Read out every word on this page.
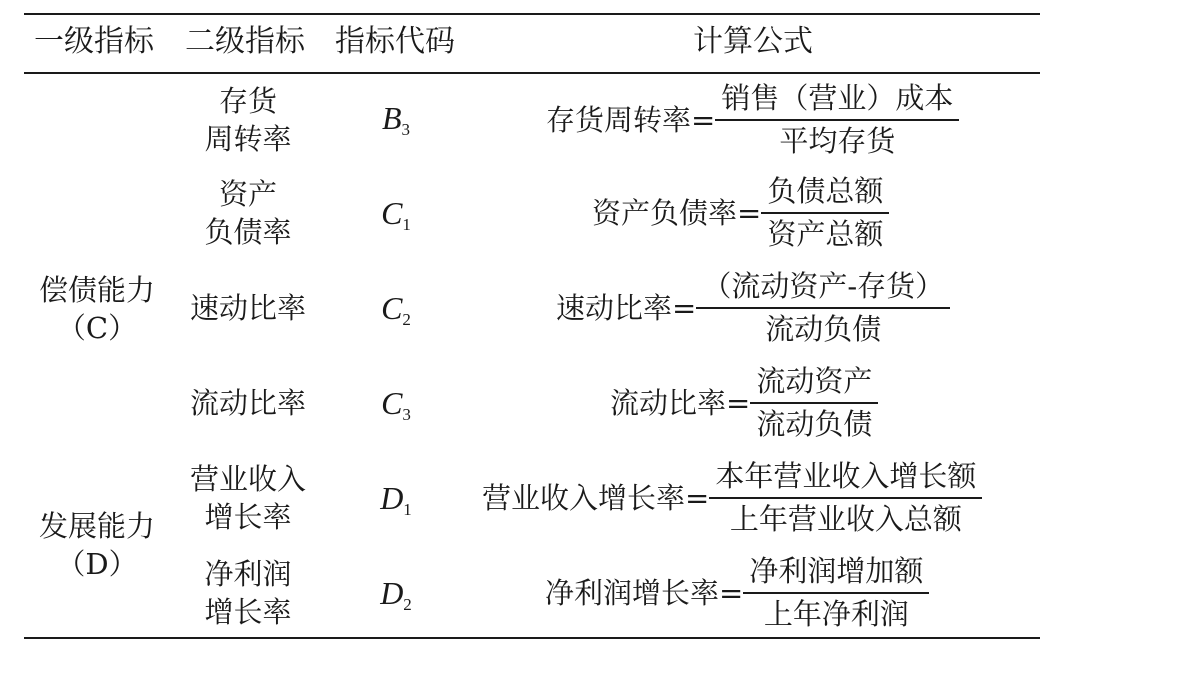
一级指标 二级指标 指标代码	计算公式
偿债能力
（C）
发展能力
（D）
存货
周转率
资产
负债率
速动比率
流动比率
营业收入
增长率
净利润
增长率
$B_3$
$C_1$
$C_2$
$C_3$
$D_1$
$D_2$
存货周转率= $\frac{\text{销售（营业）成本}}{\text{平均存货}}$
资产负债率= $\frac{\text{负债总额}}{\text{资产总额}}$
速动比率= $\frac{\text{（流动资产-存货）}}{\text{流动负债}}$
流动比率= $\frac{\text{流动资产}}{\text{流动负债}}$
营业收入增长率= $\frac{\text{本年营业收入增长额}}{\text{上年营业收入总额}}$
净利润增长率= $\frac{\text{净利润增加额}}{\text{上年净利润}}$
